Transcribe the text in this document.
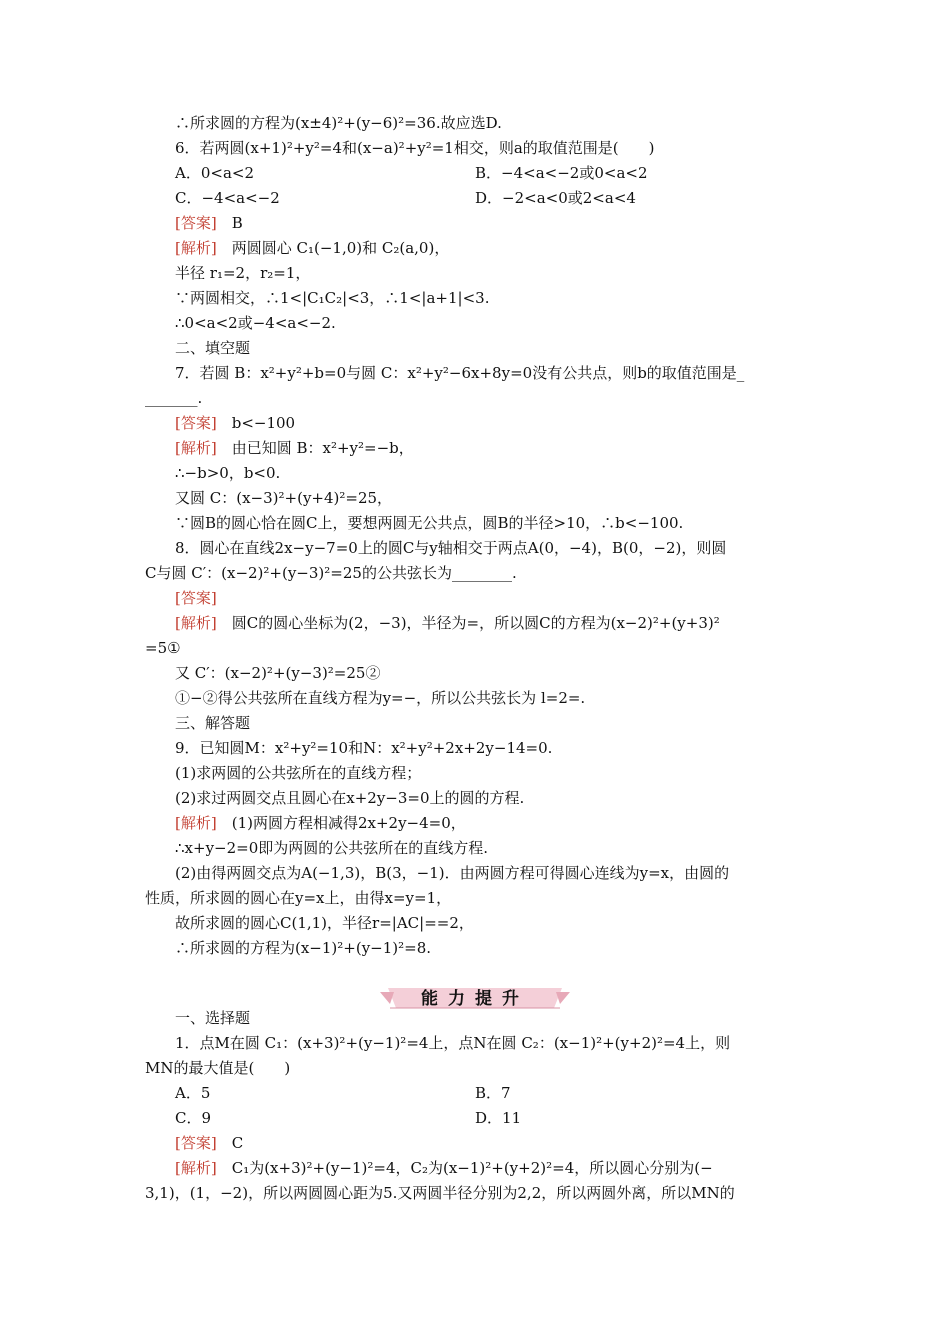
∴所求圆的方程为(x±4)²+(y−6)²=36.故应选D.
6．若两圆(x+1)²+y²=4和(x−a)²+y²=1相交，则a的取值范围是(　　)
A．0<a<2	B．−4<a<−2或0<a<2
C．−4<a<−2	D．−2<a<0或2<a<4
[答案]　B
[解析]　两圆圆心 C₁(−1,0)和 C₂(a,0)，
半径 r₁=2，r₂=1，
∵两圆相交，∴1<|C₁C₂|<3，∴1<|a+1|<3.
∴0<a<2或−4<a<−2.
二、填空题
7．若圆 B：x²+y²+b=0与圆 C：x²+y²−6x+8y=0没有公共点，则b的取值范围是_
_______.
[答案]　b<−100
[解析]　由已知圆 B：x²+y²=−b，
∴−b>0，b<0.
又圆 C：(x−3)²+(y+4)²=25，
∵圆B的圆心恰在圆C上，要想两圆无公共点，圆B的半径>10，∴b<−100.
8．圆心在直线2x−y−7=0上的圆C与y轴相交于两点A(0，−4)，B(0，−2)，则圆
C与圆 C′：(x−2)²+(y−3)²=25的公共弦长为________.
[答案]
[解析]　圆C的圆心坐标为(2，−3)，半径为=，所以圆C的方程为(x−2)²+(y+3)²
=5①
又 C′：(x−2)²+(y−3)²=25②
①−②得公共弦所在直线方程为y=−，所以公共弦长为 l=2=.
三、解答题
9．已知圆M：x²+y²=10和N：x²+y²+2x+2y−14=0.
(1)求两圆的公共弦所在的直线方程；
(2)求过两圆交点且圆心在x+2y−3=0上的圆的方程.
[解析]　(1)两圆方程相减得2x+2y−4=0，
∴x+y−2=0即为两圆的公共弦所在的直线方程.
(2)由得两圆交点为A(−1,3)，B(3，−1)．由两圆方程可得圆心连线为y=x，由圆的
性质，所求圆的圆心在y=x上，由得x=y=1，
故所求圆的圆心C(1,1)，半径r=|AC|==2，
∴所求圆的方程为(x−1)²+(y−1)²=8.
一、选择题
1．点M在圆 C₁：(x+3)²+(y−1)²=4上，点N在圆 C₂：(x−1)²+(y+2)²=4上，则
MN的最大值是(　　)
A．5	B．7
C．9	D．11
[答案]　C
[解析]　C₁为(x+3)²+(y−1)²=4，C₂为(x−1)²+(y+2)²=4，所以圆心分别为(−
3,1)，(1，−2)，所以两圆圆心距为5.又两圆半径分别为2,2，所以两圆外离，所以MN的
能力提升
